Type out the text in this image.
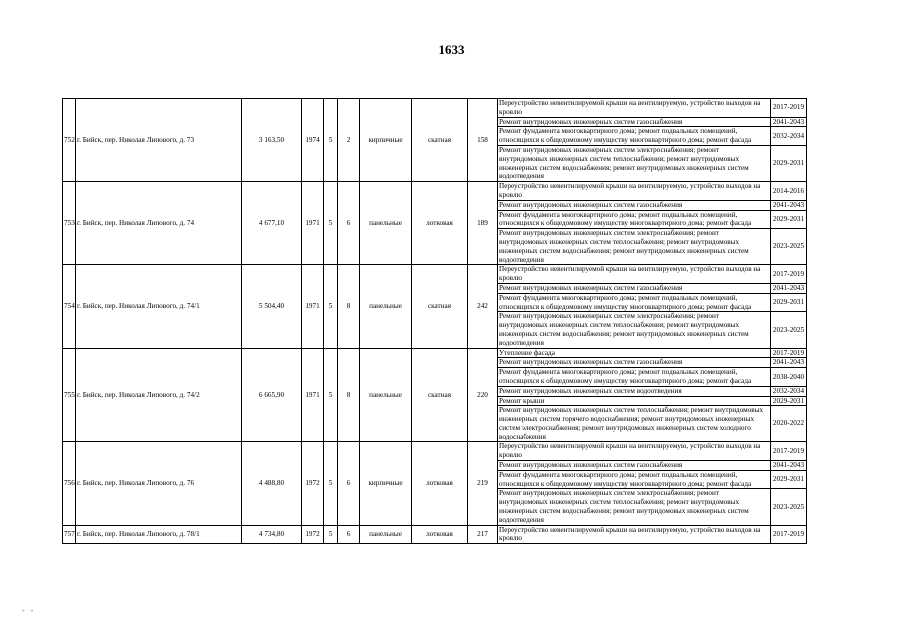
1633
752	г. Бийск, пер. Николая Липового, д. 73	3 163,50	1974	5	2	кирпичные	скатная	158	Переустройство невентилируемой крыши на вентилируемую, устройство выходов на кровлю	2017-2019
									Ремонт внутридомовых инженерных систем газоснабжения	2041-2043
									Ремонт фундамента многоквартирного дома; ремонт подвальных помещений, относящихся к общедомовому имуществу многоквартирного дома; ремонт фасада	2032-2034
									Ремонт внутридомовых инженерных систем электроснабжения; ремонт внутридомовых инженерных систем теплоснабжения; ремонт внутридомовых инженерных систем водоснабжения; ремонт внутридомовых инженерных систем водоотведения	2029-2031
753	г. Бийск, пер. Николая Липового, д. 74	4 677,10	1971	5	6	панельные	лотковая	189	Переустройство невентилируемой крыши на вентилируемую, устройство выходов на кровлю	2014-2016
									Ремонт внутридомовых инженерных систем газоснабжения	2041-2043
									Ремонт фундамента многоквартирного дома; ремонт подвальных помещений, относящихся к общедомовому имуществу многоквартирного дома; ремонт фасада	2029-2031
									Ремонт внутридомовых инженерных систем электроснабжения; ремонт внутридомовых инженерных систем теплоснабжения; ремонт внутридомовых инженерных систем водоснабжения; ремонт внутридомовых инженерных систем водоотведения	2023-2025
754	г. Бийск, пер. Николая Липового, д. 74/1	5 504,40	1971	5	8	панельные	скатная	242	Переустройство невентилируемой крыши на вентилируемую, устройство выходов на кровлю	2017-2019
									Ремонт внутридомовых инженерных систем газоснабжения	2041-2043
									Ремонт фундамента многоквартирного дома; ремонт подвальных помещений, относящихся к общедомовому имуществу многоквартирного дома; ремонт фасада	2029-2031
									Ремонт внутридомовых инженерных систем электроснабжения; ремонт внутридомовых инженерных систем теплоснабжения; ремонт внутридомовых инженерных систем водоснабжения; ремонт внутридомовых инженерных систем водоотведения	2023-2025
755	г. Бийск, пер. Николая Липового, д. 74/2	6 665,90	1971	5	8	панельные	скатная	220	Утепление фасада	2017-2019
									Ремонт внутридомовых инженерных систем газоснабжения	2041-2043
									Ремонт фундамента многоквартирного дома; ремонт подвальных помещений, относящихся к общедомовому имуществу многоквартирного дома; ремонт фасада	2038-2040
									Ремонт внутридомовых инженерных систем водоотведения	2032-2034
									Ремонт крыши	2029-2031
									Ремонт внутридомовых инженерных систем теплоснабжения; ремонт внутридомовых инженерных систем горячего водоснабжения; ремонт внутридомовых инженерных систем электроснабжения; ремонт внутридомовых инженерных систем холодного водоснабжения	2020-2022
756	г. Бийск, пер. Николая Липового, д. 76	4 488,80	1972	5	6	кирпичные	лотковая	219	Переустройство невентилируемой крыши на вентилируемую, устройство выходов на кровлю	2017-2019
									Ремонт внутридомовых инженерных систем газоснабжения	2041-2043
									Ремонт фундамента многоквартирного дома; ремонт подвальных помещений, относящихся к общедомовому имуществу многоквартирного дома; ремонт фасада	2029-2031
									Ремонт внутридомовых инженерных систем электроснабжения; ремонт внутридомовых инженерных систем теплоснабжения; ремонт внутридомовых инженерных систем водоснабжения; ремонт внутридомовых инженерных систем водоотведения	2023-2025
757	г. Бийск, пер. Николая Липового, д. 78/1	4 734,80	1972	5	6	панельные	лотковая	217	Переустройство невентилируемой крыши на вентилируемую, устройство выходов на кровлю	2017-2019
- -
